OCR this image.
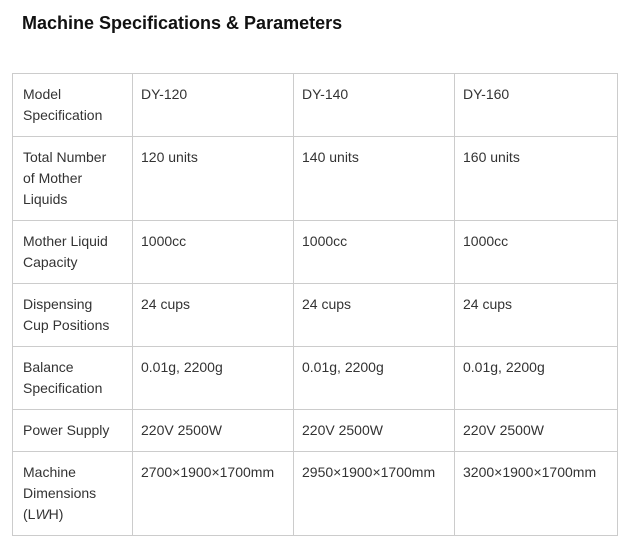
Machine Specifications & Parameters
Model Specification	DY-120	DY-140	DY-160
Total Number of Mother Liquids	120 units	140 units	160 units
Mother Liquid Capacity	1000cc	1000cc	1000cc
Dispensing Cup Positions	24 cups	24 cups	24 cups
Balance Specification	0.01g, 2200g	0.01g, 2200g	0.01g, 2200g
Power Supply	220V 2500W	220V 2500W	220V 2500W
Machine Dimensions (LWH)	2700×1900×1700mm	2950×1900×1700mm	3200×1900×1700mm
